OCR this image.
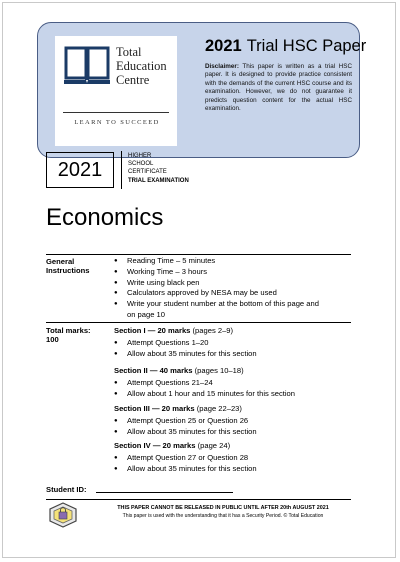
Total
Education
Centre
LEARN TO SUCCEED
2021 Trial HSC Paper
Disclaimer: This paper is written as a trial HSC paper. It is designed to provide practice consistent with the demands of the current HSC course and its examination. However, we do not guarantee it predicts question content for the actual HSC examination.
2021
HIGHER
SCHOOL
CERTIFICATE
TRIAL EXAMINATION
Economics
General
Instructions
● Reading Time – 5 minutes
● Working Time – 3 hours
● Write using black pen
● Calculators approved by NESA may be used
● Write your student number at the bottom of this page and
on page 10
Total marks:
100
Section I — 20 marks (pages 2–9)
● Attempt Questions 1–20
● Allow about 35 minutes for this section
Section II — 40 marks (pages 10–18)
● Attempt Questions 21–24
● Allow about 1 hour and 15 minutes for this section
Section III — 20 marks (page 22–23)
● Attempt Question 25 or Question 26
● Allow about 35 minutes for this section
Section IV — 20 marks (page 24)
● Attempt Question 27 or Question 28
● Allow about 35 minutes for this section
Student ID:
THIS PAPER CANNOT BE RELEASED IN PUBLIC UNTIL AFTER 20th AUGUST 2021
This paper is used with the understanding that it has a Security Period. © Total Education
